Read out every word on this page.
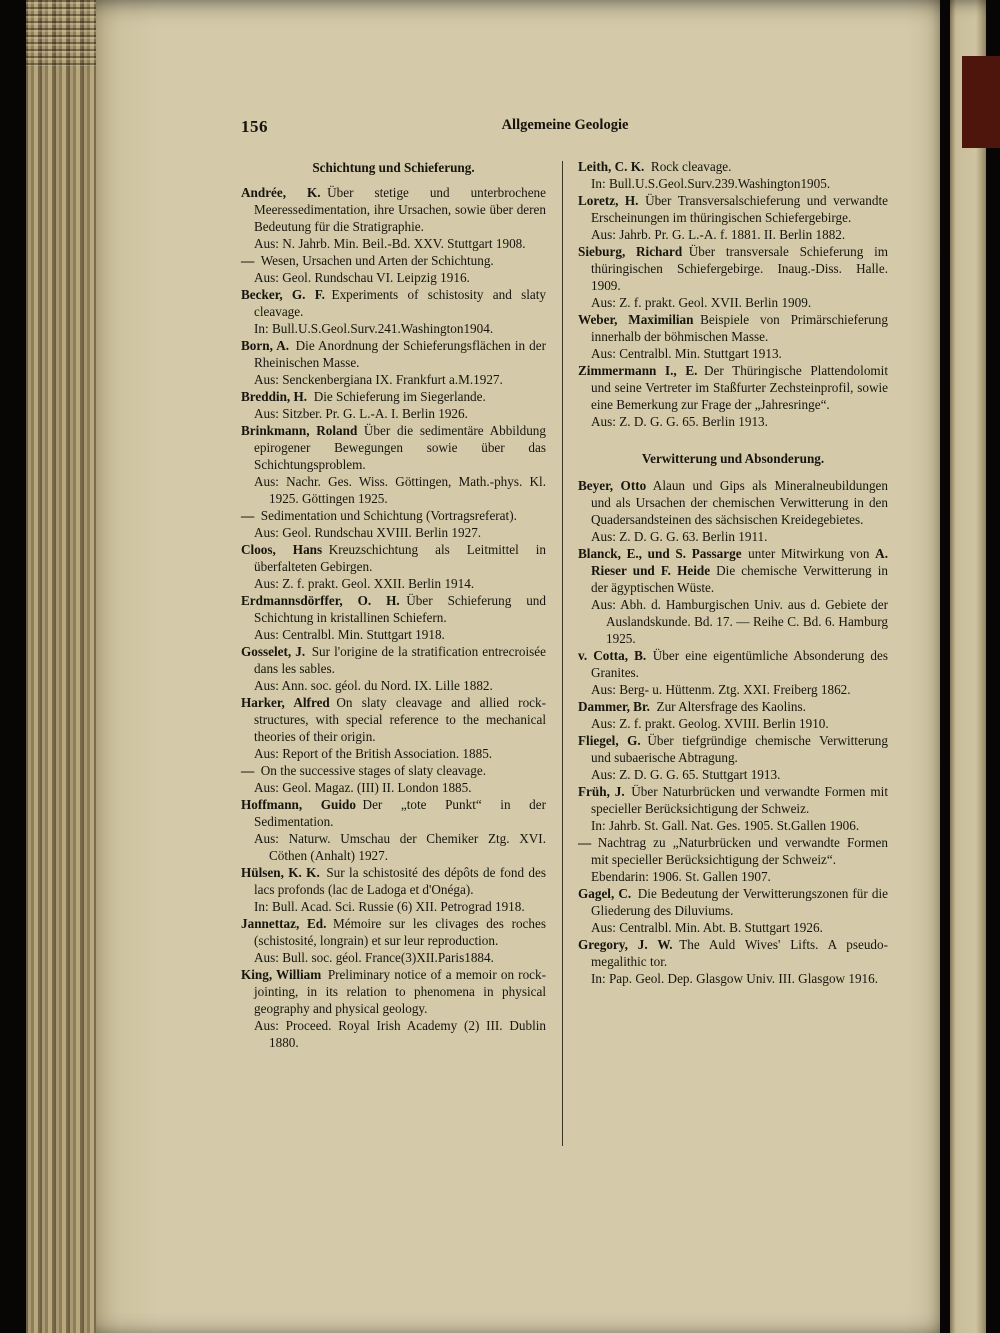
156	Allgemeine Geologie
Schichtung und Schieferung.
Andrée, K. Über stetige und unterbrochene Meeressedimentation, ihre Ursachen, sowie über deren Bedeutung für die Stratigraphie.
Aus: N. Jahrb. Min. Beil.-Bd. XXV. Stuttgart 1908.
— Wesen, Ursachen und Arten der Schichtung.
Aus: Geol. Rundschau VI. Leipzig 1916.
Becker, G. F. Experiments of schistosity and slaty cleavage.
In: Bull.U.S.Geol.Surv.241.Washington1904.
Born, A. Die Anordnung der Schieferungsflächen in der Rheinischen Masse.
Aus: Senckenbergiana IX. Frankfurt a.M.1927.
Breddin, H. Die Schieferung im Siegerlande.
Aus: Sitzber. Pr. G. L.-A. I. Berlin 1926.
Brinkmann, Roland Über die sedimentäre Abbildung epirogener Bewegungen sowie über das Schichtungsproblem.
Aus: Nachr. Ges. Wiss. Göttingen, Math.-phys. Kl. 1925. Göttingen 1925.
— Sedimentation und Schichtung (Vortragsreferat).
Aus: Geol. Rundschau XVIII. Berlin 1927.
Cloos, Hans Kreuzschichtung als Leitmittel in überfalteten Gebirgen.
Aus: Z. f. prakt. Geol. XXII. Berlin 1914.
Erdmannsdörffer, O. H. Über Schieferung und Schichtung in kristallinen Schiefern.
Aus: Centralbl. Min. Stuttgart 1918.
Gosselet, J. Sur l'origine de la stratification entrecroisée dans les sables.
Aus: Ann. soc. géol. du Nord. IX. Lille 1882.
Harker, Alfred On slaty cleavage and allied rock-structures, with special reference to the mechanical theories of their origin.
Aus: Report of the British Association. 1885.
— On the successive stages of slaty cleavage.
Aus: Geol. Magaz. (III) II. London 1885.
Hoffmann, Guido Der „tote Punkt“ in der Sedimentation.
Aus: Naturw. Umschau der Chemiker Ztg. XVI. Cöthen (Anhalt) 1927.
Hülsen, K. K. Sur la schistosité des dépôts de fond des lacs profonds (lac de Ladoga et d'Onéga).
In: Bull. Acad. Sci. Russie (6) XII. Petrograd 1918.
Jannettaz, Ed. Mémoire sur les clivages des roches (schistosité, longrain) et sur leur reproduction.
Aus: Bull. soc. géol. France(3)XII.Paris1884.
King, William Preliminary notice of a memoir on rock-jointing, in its relation to phenomena in physical geography and physical geology.
Aus: Proceed. Royal Irish Academy (2) III. Dublin 1880.
Leith, C. K. Rock cleavage.
In: Bull.U.S.Geol.Surv.239.Washington1905.
Loretz, H. Über Transversalschieferung und verwandte Erscheinungen im thüringischen Schiefergebirge.
Aus: Jahrb. Pr. G. L.-A. f. 1881. II. Berlin 1882.
Sieburg, Richard Über transversale Schieferung im thüringischen Schiefergebirge. Inaug.-Diss. Halle. 1909.
Aus: Z. f. prakt. Geol. XVII. Berlin 1909.
Weber, Maximilian Beispiele von Primärschieferung innerhalb der böhmischen Masse.
Aus: Centralbl. Min. Stuttgart 1913.
Zimmermann I., E. Der Thüringische Plattendolomit und seine Vertreter im Staßfurter Zechsteinprofil, sowie eine Bemerkung zur Frage der „Jahresringe“.
Aus: Z. D. G. G. 65. Berlin 1913.
Verwitterung und Absonderung.
Beyer, Otto Alaun und Gips als Mineralneubildungen und als Ursachen der chemischen Verwitterung in den Quadersandsteinen des sächsischen Kreidegebietes.
Aus: Z. D. G. G. 63. Berlin 1911.
Blanck, E., und S. Passarge unter Mitwirkung von A. Rieser und F. Heide Die chemische Verwitterung in der ägyptischen Wüste.
Aus: Abh. d. Hamburgischen Univ. aus d. Gebiete der Auslandskunde. Bd. 17. — Reihe C. Bd. 6. Hamburg 1925.
v. Cotta, B. Über eine eigentümliche Absonderung des Granites.
Aus: Berg- u. Hüttenm. Ztg. XXI. Freiberg 1862.
Dammer, Br. Zur Altersfrage des Kaolins.
Aus: Z. f. prakt. Geolog. XVIII. Berlin 1910.
Fliegel, G. Über tiefgründige chemische Verwitterung und subaerische Abtragung.
Aus: Z. D. G. G. 65. Stuttgart 1913.
Früh, J. Über Naturbrücken und verwandte Formen mit specieller Berücksichtigung der Schweiz.
In: Jahrb. St. Gall. Nat. Ges. 1905. St.Gallen 1906.
— Nachtrag zu „Naturbrücken und verwandte Formen mit specieller Berücksichtigung der Schweiz“.
Ebendarin: 1906. St. Gallen 1907.
Gagel, C. Die Bedeutung der Verwitterungszonen für die Gliederung des Diluviums.
Aus: Centralbl. Min. Abt. B. Stuttgart 1926.
Gregory, J. W. The Auld Wives' Lifts. A pseudo-megalithic tor.
In: Pap. Geol. Dep. Glasgow Univ. III. Glasgow 1916.
